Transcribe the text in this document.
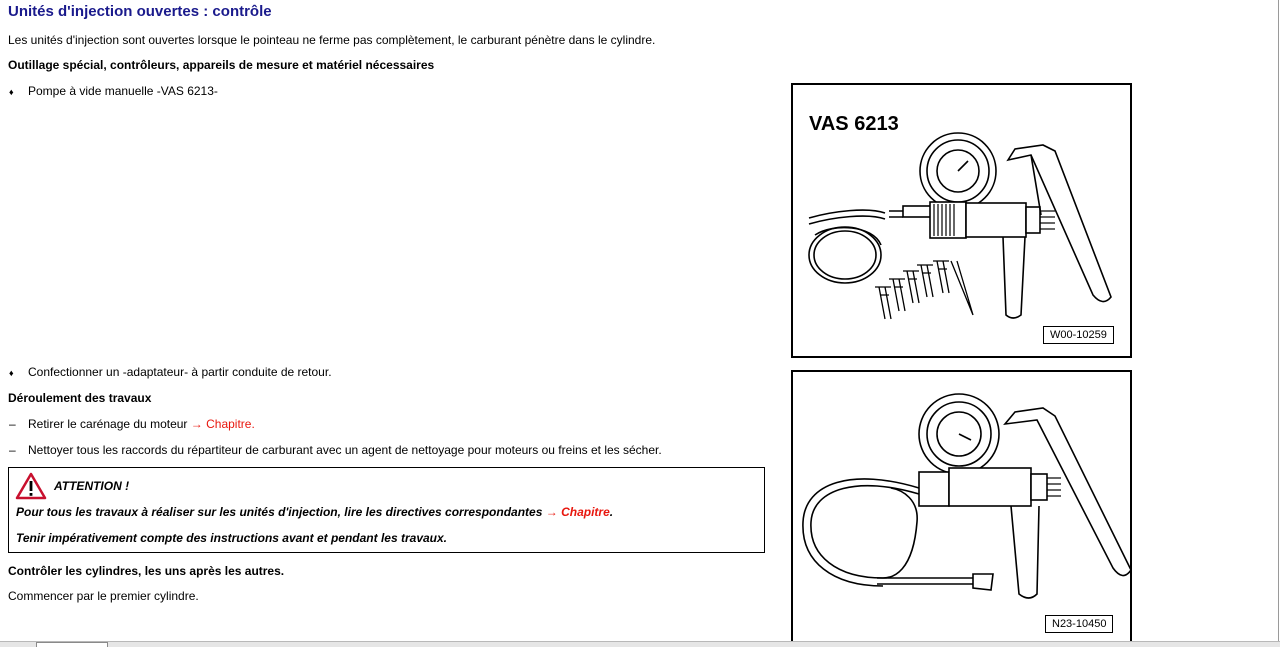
Unités d'injection ouvertes : contrôle
Les unités d'injection sont ouvertes lorsque le pointeau ne ferme pas complètement, le carburant pénètre dans le cylindre.
Outillage spécial, contrôleurs, appareils de mesure et matériel nécessaires
♦ Pompe à vide manuelle -VAS 6213-
♦ Confectionner un -adaptateur- à partir conduite de retour.
Déroulement des travaux
– Retirer le carénage du moteur → Chapitre.
– Nettoyer tous les raccords du répartiteur de carburant avec un agent de nettoyage pour moteurs ou freins et les sécher.
ATTENTION !
Pour tous les travaux à réaliser sur les unités d'injection, lire les directives correspondantes → Chapitre.
Tenir impérativement compte des instructions avant et pendant les travaux.
Contrôler les cylindres, les uns après les autres.
Commencer par le premier cylindre.
VAS 6213
W00-10259
N23-10450
